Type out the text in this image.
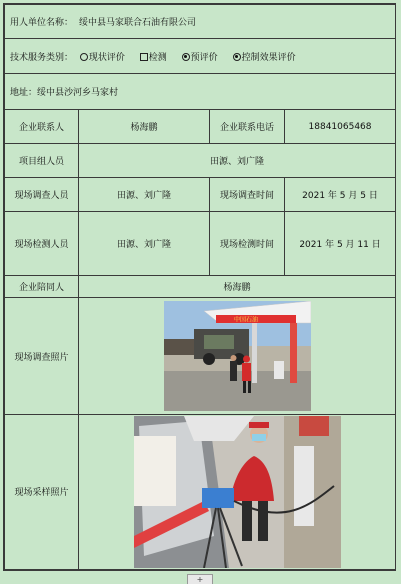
用人单位名称： 绥中县马家联合石油有限公司			
技术服务类别： 现状评价 检测 预评价 控制效果评价			
地址：绥中县沙河乡马家村			
企业联系人	杨海鹏	企业联系电话	18841065468
项目组人员	田源、刘广隆		
现场调查人员	田源、刘广隆	现场调查时间	2021 年 5 月 5 日
现场检测人员	田源、刘广隆	现场检测时间	2021 年 5 月 11 日
企业陪同人	杨海鹏		
现场调查照片	中国石油		

现场采样照片	
+
